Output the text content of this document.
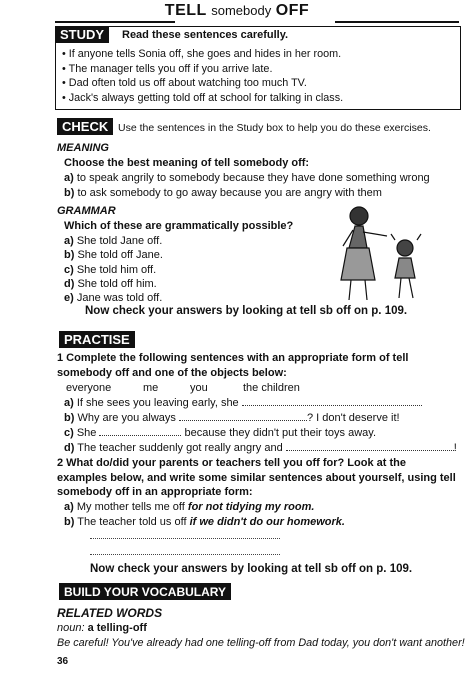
TELL somebody OFF
STUDY	Read these sentences carefully.
• If anyone tells Sonia off, she goes and hides in her room.
• The manager tells you off if you arrive late.
• Dad often told us off about watching too much TV.
• Jack's always getting told off at school for talking in class.
CHECK Use the sentences in the Study box to help you do these exercises.
MEANING
Choose the best meaning of tell somebody off:
a) to speak angrily to somebody because they have done something wrong
b) to ask somebody to go away because you are angry with them
GRAMMAR
Which of these are grammatically possible?
a) She told Jane off.
b) She told off Jane.
c) She told him off.
d) She told off him.
e) Jane was told off.
Now check your answers by looking at tell sb off on p. 109.
PRACTISE
1 Complete the following sentences with an appropriate form of tell somebody off and one of the objects below:
everyone	me	you	the children
a) If she sees you leaving early, she
b) Why are you always	? I don't deserve it!
c) She	because they didn't put their toys away.
d) The teacher suddenly got really angry and	!
2 What do/did your parents or teachers tell you off for? Look at the examples below, and write some similar sentences about yourself, using tell somebody off in an appropriate form:
a) My mother tells me off for not tidying my room.
b) The teacher told us off if we didn't do our homework.
Now check your answers by looking at tell sb off on p. 109.
BUILD YOUR VOCABULARY
RELATED WORDS
noun: a telling-off
Be careful! You've already had one telling-off from Dad today, you don't want another!
36
